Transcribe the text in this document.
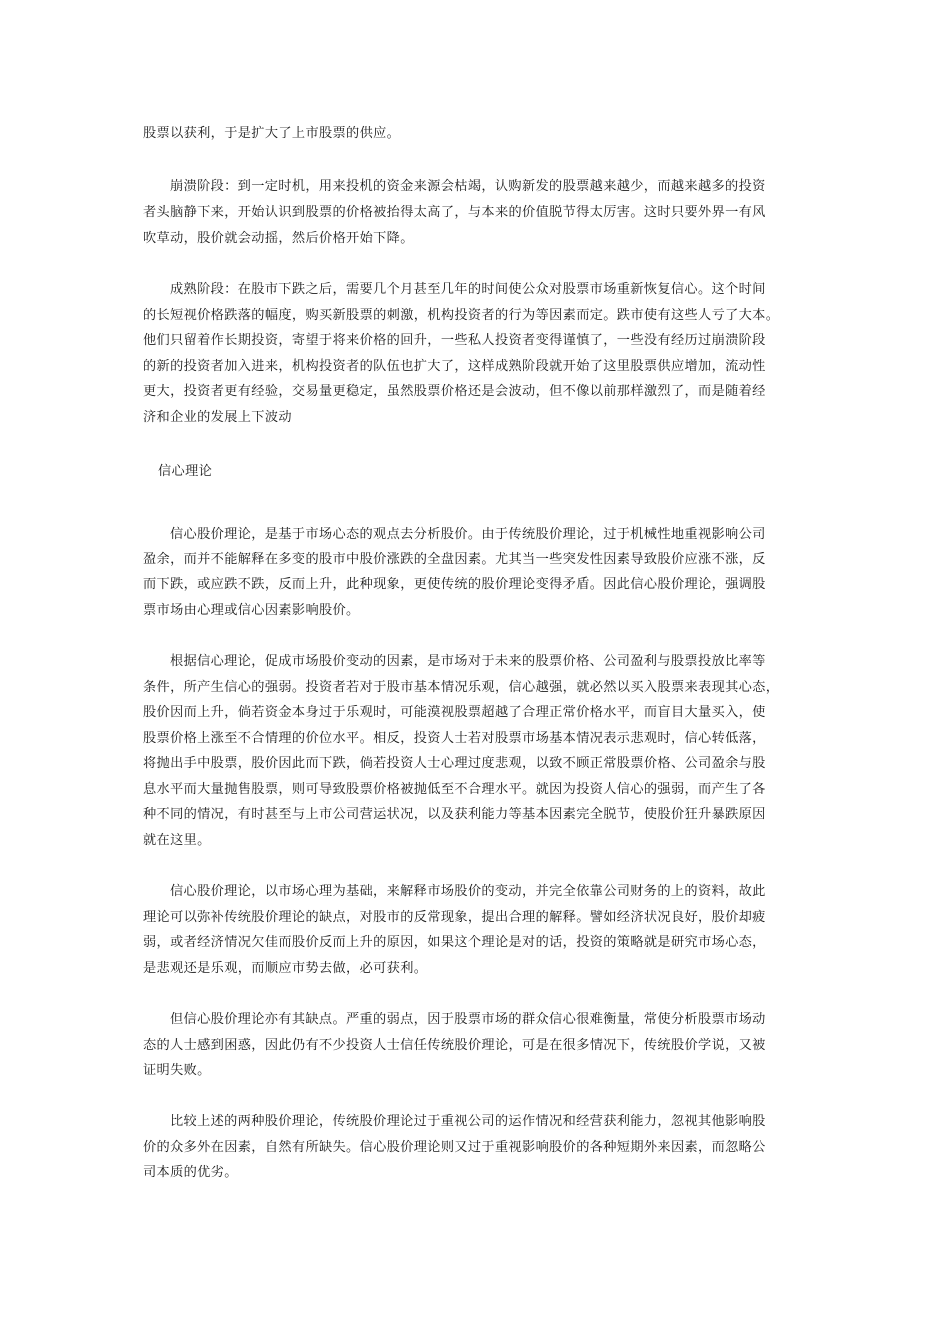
股票以获利，于是扩大了上市股票的供应。
崩溃阶段：到一定时机，用来投机的资金来源会枯竭，认购新发的股票越来越少，而越来越多的投资
者头脑静下来，开始认识到股票的价格被抬得太高了，与本来的价值脱节得太厉害。这时只要外界一有风
吹草动，股价就会动摇，然后价格开始下降。
成熟阶段：在股市下跌之后，需要几个月甚至几年的时间使公众对股票市场重新恢复信心。这个时间
的长短视价格跌落的幅度，购买新股票的刺激，机构投资者的行为等因素而定。跌市使有这些人亏了大本。
他们只留着作长期投资，寄望于将来价格的回升，一些私人投资者变得谨慎了，一些没有经历过崩溃阶段
的新的投资者加入进来，机构投资者的队伍也扩大了，这样成熟阶段就开始了这里股票供应增加，流动性
更大，投资者更有经验，交易量更稳定，虽然股票价格还是会波动，但不像以前那样激烈了，而是随着经
济和企业的发展上下波动
信心理论
信心股价理论，是基于市场心态的观点去分析股价。由于传统股价理论，过于机械性地重视影响公司
盈余，而并不能解释在多变的股市中股价涨跌的全盘因素。尤其当一些突发性因素导致股价应涨不涨，反
而下跌，或应跌不跌，反而上升，此种现象，更使传统的股价理论变得矛盾。因此信心股价理论，强调股
票市场由心理或信心因素影响股价。
根据信心理论，促成市场股价变动的因素，是市场对于未来的股票价格、公司盈利与股票投放比率等
条件，所产生信心的强弱。投资者若对于股市基本情况乐观，信心越强，就必然以买入股票来表现其心态，
股价因而上升，倘若资金本身过于乐观时，可能漠视股票超越了合理正常价格水平，而盲目大量买入，使
股票价格上涨至不合情理的价位水平。相反，投资人士若对股票市场基本情况表示悲观时，信心转低落，
将抛出手中股票，股价因此而下跌，倘若投资人士心理过度悲观，以致不顾正常股票价格、公司盈余与股
息水平而大量抛售股票，则可导致股票价格被抛低至不合理水平。就因为投资人信心的强弱，而产生了各
种不同的情况，有时甚至与上市公司营运状况，以及获利能力等基本因素完全脱节，使股价狂升暴跌原因
就在这里。
信心股价理论，以市场心理为基础，来解释市场股价的变动，并完全依靠公司财务的上的资料，故此
理论可以弥补传统股价理论的缺点，对股市的反常现象，提出合理的解释。譬如经济状况良好，股价却疲
弱，或者经济情况欠佳而股价反而上升的原因，如果这个理论是对的话，投资的策略就是研究市场心态，
是悲观还是乐观，而顺应市势去做，必可获利。
但信心股价理论亦有其缺点。严重的弱点，因于股票市场的群众信心很难衡量，常使分析股票市场动
态的人士感到困惑，因此仍有不少投资人士信任传统股价理论，可是在很多情况下，传统股价学说，又被
证明失败。
比较上述的两种股价理论，传统股价理论过于重视公司的运作情况和经营获利能力，忽视其他影响股
价的众多外在因素，自然有所缺失。信心股价理论则又过于重视影响股价的各种短期外来因素，而忽略公
司本质的优劣。
